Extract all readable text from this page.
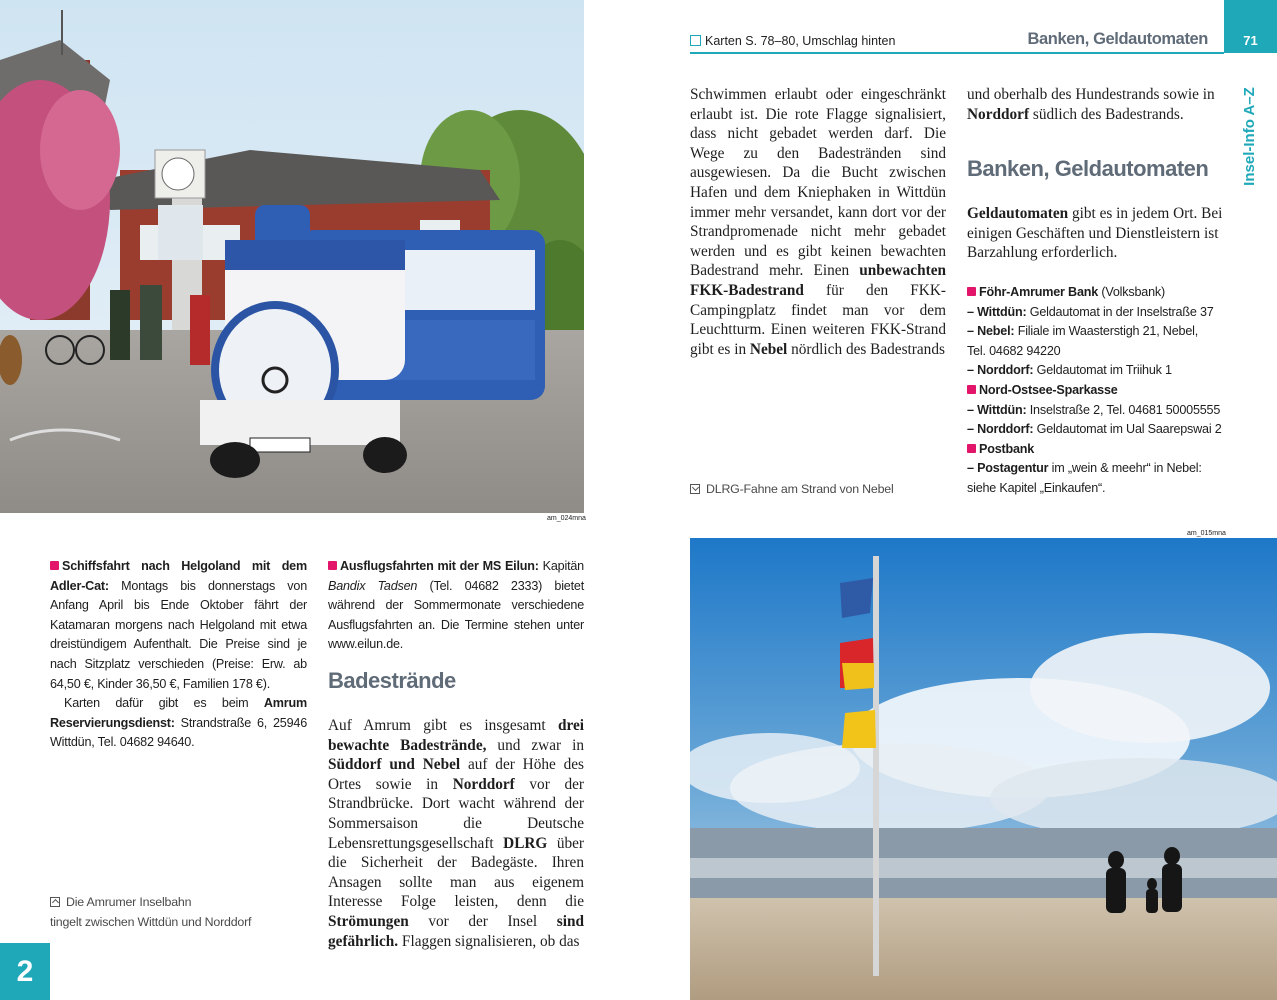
am_024mna
Schiffsfahrt nach Helgoland mit dem Adler-Cat: Montags bis donnerstags von Anfang April bis Ende Oktober fährt der Katamaran morgens nach Helgoland mit etwa dreistündigem Aufenthalt. Die Preise sind je nach Sitzplatz verschieden (Preise: Erw. ab 64,50 €, Kinder 36,50 €, Familien 178 €).
Karten dafür gibt es beim Amrum Reservierungsdienst: Strandstraße 6, 25946 Wittdün, Tel. 04682 94640.
Ausflugsfahrten mit der MS Eilun: Kapitän Bandix Tadsen (Tel. 04682 2333) bietet während der Sommermonate verschiedene Ausflugsfahrten an. Die Termine stehen unter www.eilun.de.
Badestrände
Auf Amrum gibt es insgesamt drei bewachte Badestrände, und zwar in Süddorf und Nebel auf der Höhe des Ortes sowie in Norddorf vor der Strandbrücke. Dort wacht während der Sommersaison die Deutsche Lebensrettungsgesellschaft DLRG über die Sicherheit der Badegäste. Ihren Ansagen sollte man aus eigenem Interesse Folge leisten, denn die Strömungen vor der Insel sind gefährlich. Flaggen signalisieren, ob das
Die Amrumer Inselbahn
tingelt zwischen Wittdün und Norddorf
2
Karten S. 78–80, Umschlag hinten	Banken, Geldautomaten	71
Insel-Info A–Z
Schwimmen erlaubt oder eingeschränkt erlaubt ist. Die rote Flagge signalisiert, dass nicht gebadet werden darf. Die Wege zu den Badestränden sind ausgewiesen. Da die Bucht zwischen Hafen und dem Kniephaken in Wittdün immer mehr versandet, kann dort vor der Strandpromenade nicht mehr gebadet werden und es gibt keinen bewachten Badestrand mehr. Einen unbewachten FKK-Badestrand für den FKK-Campingplatz findet man vor dem Leuchtturm. Einen weiteren FKK-Strand gibt es in Nebel nördlich des Badestrands
und oberhalb des Hundestrands sowie in Norddorf südlich des Badestrands.
Banken, Geldautomaten
Geldautomaten gibt es in jedem Ort. Bei einigen Geschäften und Dienstleistern ist Barzahlung erforderlich.
Föhr-Amrumer Bank (Volksbank)
– Wittdün: Geldautomat in der Inselstraße 37
– Nebel: Filiale im Waasterstigh 21, Nebel,
Tel. 04682 94220
– Norddorf: Geldautomat im Triihuk 1
Nord-Ostsee-Sparkasse
– Wittdün: Inselstraße 2, Tel. 04681 50005555
– Norddorf: Geldautomat im Ual Saarepswai 2
Postbank
– Postagentur im „wein & meehr“ in Nebel: siehe Kapitel „Einkaufen“.
DLRG-Fahne am Strand von Nebel
am_015mna
